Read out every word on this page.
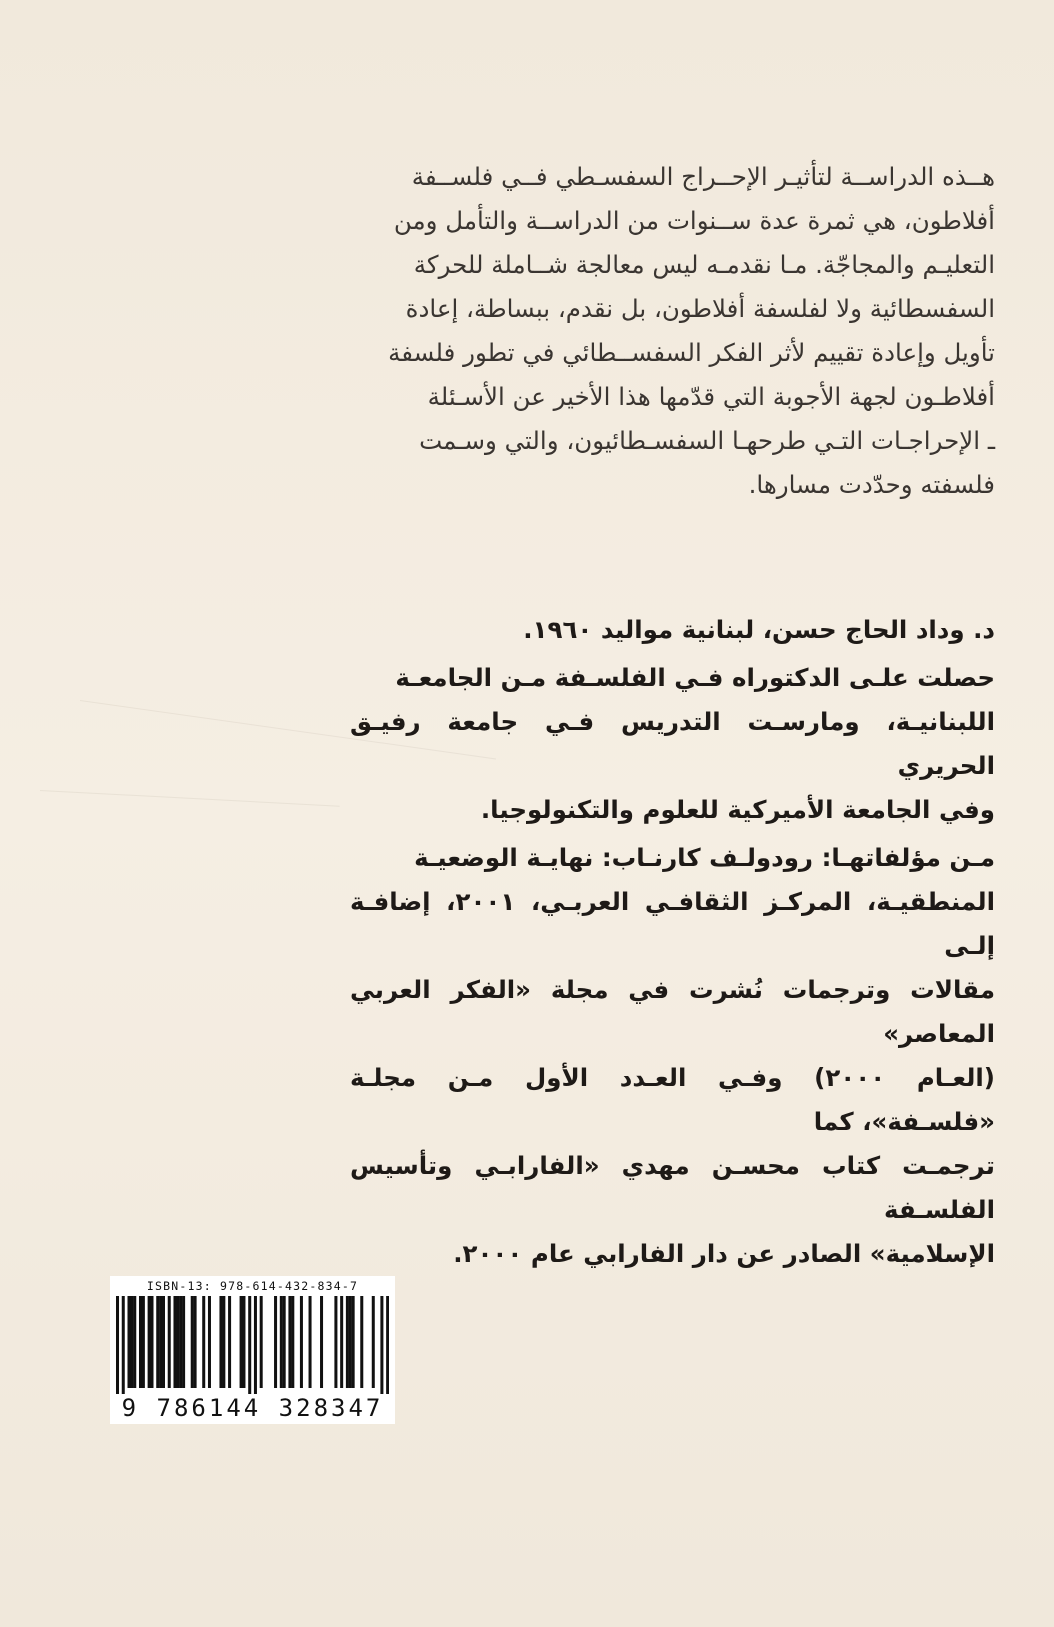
هــذه الدراســة لتأثيـر الإحــراج السفسـطي فــي فلســفة

أفلاطون، هي ثمرة عدة ســنوات من الدراســة والتأمل ومن

التعليـم والمجاجّة. مـا نقدمـه ليس معالجة شــاملة للحركة

السفسطائية ولا لفلسفة أفلاطون، بل نقدم، ببساطة، إعادة

تأويل وإعادة تقييم لأثر الفكر السفســطائي في تطور فلسفة

أفلاطـون لجهة الأجوبة التي قدّمها هذا الأخير عن الأسـئلة

ـ الإحراجـات التـي طرحهـا السفسـطائيون، والتي وسـمت

فلسفته وحدّدت مسارها.

د. وداد الحاج حسن، لبنانية مواليد ١٩٦٠.

حصلت علـى الدكتوراه فـي الفلسـفة مـن الجامعـة

اللبنانيـة، ومارسـت التدريس فـي جامعة رفيـق الحريري

وفي الجامعة الأميركية للعلوم والتكنولوجيا.

مـن مؤلفاتهـا: رودولـف كارنـاب: نهايـة الوضعيـة

المنطقيـة، المركـز الثقافـي العربـي، ٢٠٠١، إضافـة إلـى

مقالات وترجمات نُشرت في مجلة «الفكر العربي المعاصر»

(العـام ٢٠٠٠) وفـي العـدد الأول مـن مجلـة «فلسـفة»، كما

ترجمـت كتاب محسـن مهدي «الفارابـي وتأسيس الفلسـفة

الإسلامية» الصادر عن دار الفارابي عام ٢٠٠٠.

ISBN-13: 978-614-432-834-7
9 786144 328347
